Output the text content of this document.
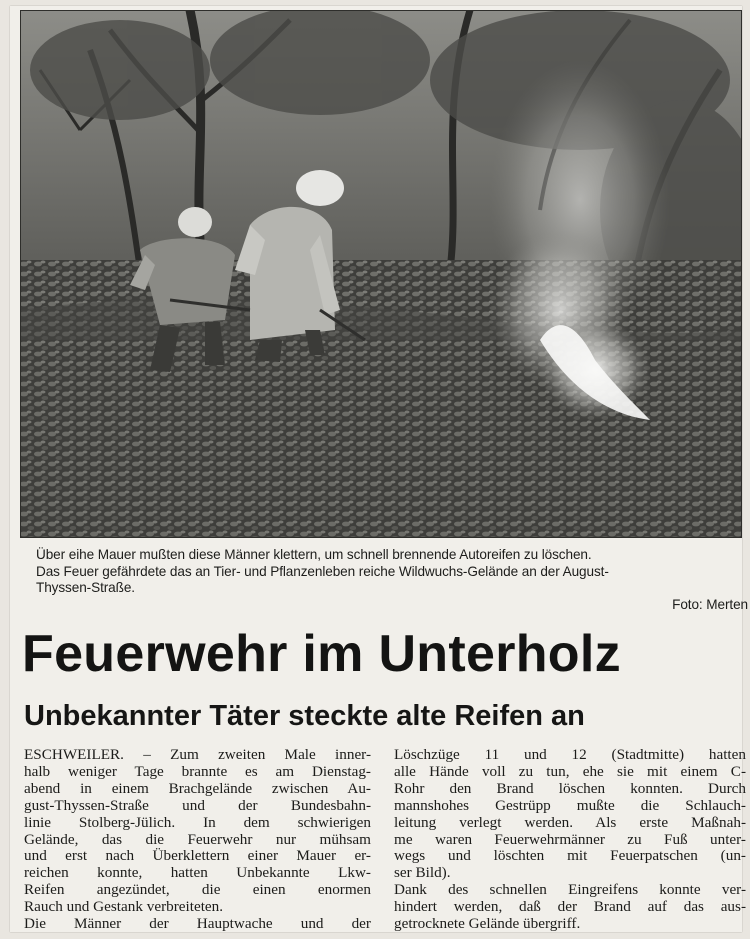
Über eihe Mauer mußten diese Männer klettern, um schnell brennende Autoreifen zu löschen.

Das Feuer gefährdete das an Tier- und Pflanzenleben reiche Wildwuchs-Gelände an der August-

Thyssen-Straße.

Foto: Merten

Feuerwehr im Unterholz
Unbekannter Täter steckte alte Reifen an

ESCHWEILER. – Zum zweiten Male inner-

halb weniger Tage brannte es am Dienstag-

abend in einem Brachgelände zwischen Au-

gust-Thyssen-Straße und der Bundesbahn-

linie Stolberg-Jülich. In dem schwierigen

Gelände, das die Feuerwehr nur mühsam

und erst nach Überklettern einer Mauer er-

reichen konnte, hatten Unbekannte Lkw-

Reifen angezündet, die einen enormen

Rauch und Gestank verbreiteten.

Die Männer der Hauptwache und der

Löschzüge 11 und 12 (Stadtmitte) hatten

alle Hände voll zu tun, ehe sie mit einem C-

Rohr den Brand löschen konnten. Durch

mannshohes Gestrüpp mußte die Schlauch-

leitung verlegt werden. Als erste Maßnah-

me waren Feuerwehrmänner zu Fuß unter-

wegs und löschten mit Feuerpatschen (un-

ser Bild).

Dank des schnellen Eingreifens konnte ver-

hindert werden, daß der Brand auf das aus-

getrocknete Gelände übergriff.
